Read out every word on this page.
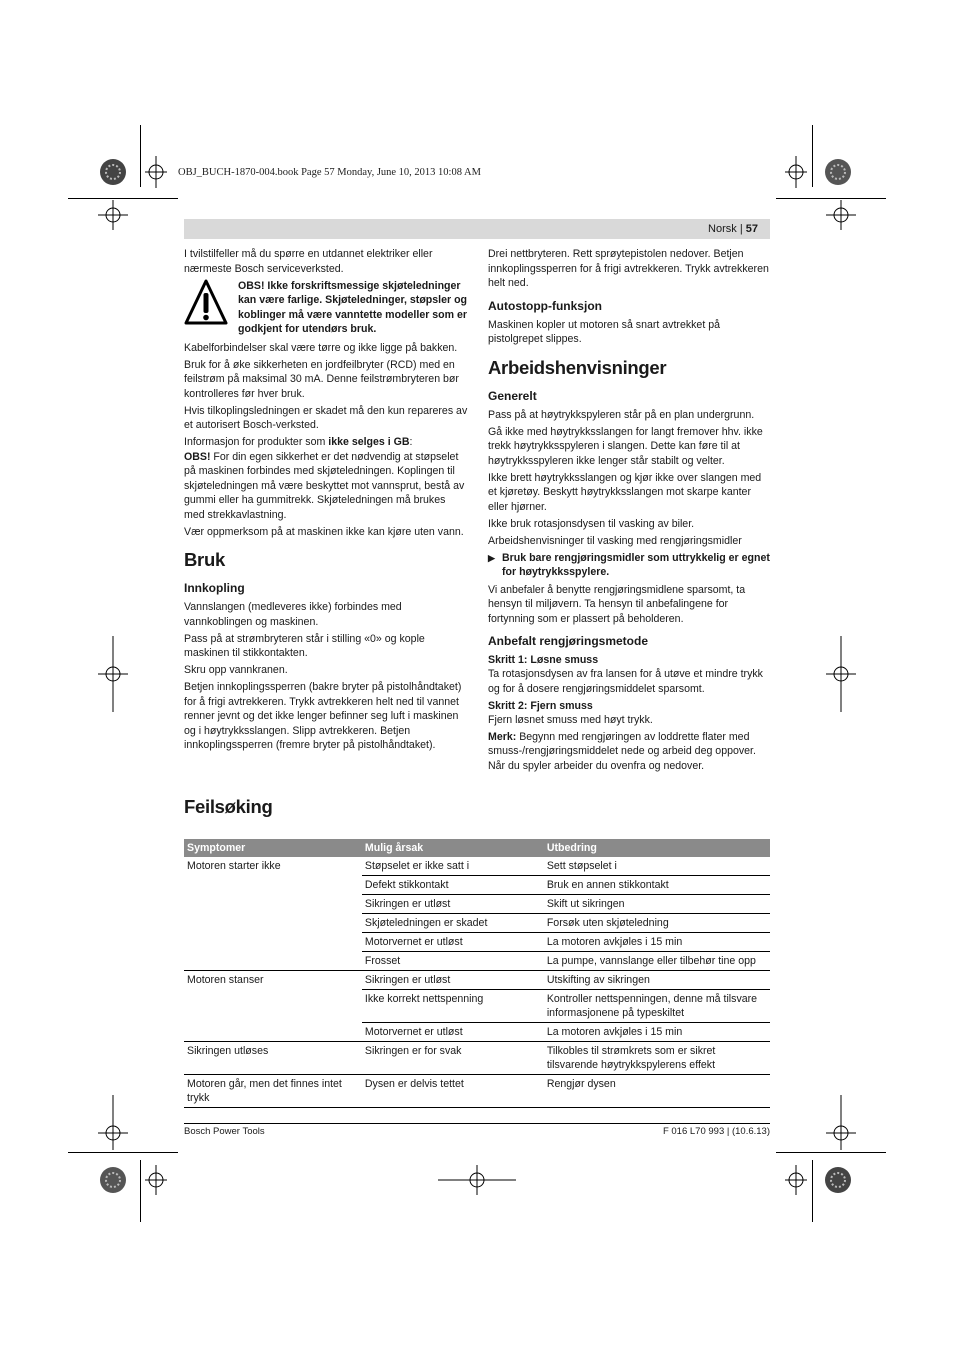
OBJ_BUCH-1870-004.book Page 57 Monday, June 10, 2013 10:08 AM
Norsk | 57

I tvilstilfeller må du spørre en utdannet elektriker eller nærmeste Bosch serviceverksted.

OBS! Ikke forskriftsmessige skjøteledninger kan være farlige. Skjøteledninger, støpsler og koblinger må være vanntette modeller som er godkjent for utendørs bruk.

Kabelforbindelser skal være tørre og ikke ligge på bakken.

Bruk for å øke sikkerheten en jordfeilbryter (RCD) med en feilstrøm på maksimal 30 mA. Denne feilstrømbryteren bør kontrolleres før hver bruk.

Hvis tilkoplingsledningen er skadet må den kun repareres av et autorisert Bosch-verksted.

Informasjon for produkter som ikke selges i GB:

OBS! For din egen sikkerhet er det nødvendig at støpselet på maskinen forbindes med skjøteledningen. Koplingen til skjøteledningen må være beskyttet mot vannsprut, bestå av gummi eller ha gummitrekk. Skjøteledningen må brukes med strekkavlastning.

Vær oppmerksom på at maskinen ikke kan kjøre uten vann.

Bruk
Innkopling

Vannslangen (medleveres ikke) forbindes med vannkoblingen og maskinen.

Pass på at strømbryteren står i stilling «0» og kople maskinen til stikkontakten.

Skru opp vannkranen.

Betjen innkoplingssperren (bakre bryter på pistolhåndtaket) for å frigi avtrekkeren. Trykk avtrekkeren helt ned til vannet renner jevnt og det ikke lenger befinner seg luft i maskinen og i høytrykksslangen. Slipp avtrekkeren. Betjen innkoplingssperren (fremre bryter på pistolhåndtaket).

Drei nettbryteren. Rett sprøytepistolen nedover. Betjen innkoplingssperren for å frigi avtrekkeren. Trykk avtrekkeren helt ned.

Autostopp-funksjon

Maskinen kopler ut motoren så snart avtrekket på pistolgrepet slippes.

Arbeidshenvisninger
Generelt

Pass på at høytrykkspyleren står på en plan undergrunn.

Gå ikke med høytrykksslangen for langt fremover hhv. ikke trekk høytrykksspyleren i slangen. Dette kan føre til at høytrykksspyleren ikke lenger står stabilt og velter.

Ikke brett høytrykksslangen og kjør ikke over slangen med et kjøretøy. Beskytt høytrykksslangen mot skarpe kanter eller hjørner.

Ikke bruk rotasjonsdysen til vasking av biler.

Arbeidshenvisninger til vasking med rengjøringsmidler

▶ Bruk bare rengjøringsmidler som uttrykkelig er egnet for høytrykksspylere.

Vi anbefaler å benytte rengjøringsmidlene sparsomt, ta hensyn til miljøvern. Ta hensyn til anbefalingene for fortynning som er plassert på beholderen.

Anbefalt rengjøringsmetode
Skritt 1: Løsne smuss

Ta rotasjonsdysen av fra lansen for å utøve et mindre trykk og for å dosere rengjøringsmiddelet sparsomt.

Skritt 2: Fjern smuss

Fjern løsnet smuss med høyt trykk.

Merk: Begynn med rengjøringen av loddrette flater med smuss-/rengjøringsmiddelet nede og arbeid deg oppover. Når du spyler arbeider du ovenfra og nedover.

Feilsøking
Symptomer	Mulig årsak	Utbedring
Motoren starter ikke	Støpselet er ikke satt i	Sett støpselet i
	Defekt stikkontakt	Bruk en annen stikkontakt
	Sikringen er utløst	Skift ut sikringen
	Skjøteledningen er skadet	Forsøk uten skjøteledning
	Motorvernet er utløst	La motoren avkjøles i 15 min
	Frosset	La pumpe, vannslange eller tilbehør tine opp
Motoren stanser	Sikringen er utløst	Utskifting av sikringen
	Ikke korrekt nettspenning	Kontroller nettspenningen, denne må tilsvare informasjonene på typeskiltet
	Motorvernet er utløst	La motoren avkjøles i 15 min
Sikringen utløses	Sikringen er for svak	Tilkobles til strømkrets som er sikret tilsvarende høytrykkspylerens effekt
Motoren går, men det finnes intet trykk	Dysen er delvis tettet	Rengjør dysen
Bosch Power Tools	F 016 L70 993 | (10.6.13)
